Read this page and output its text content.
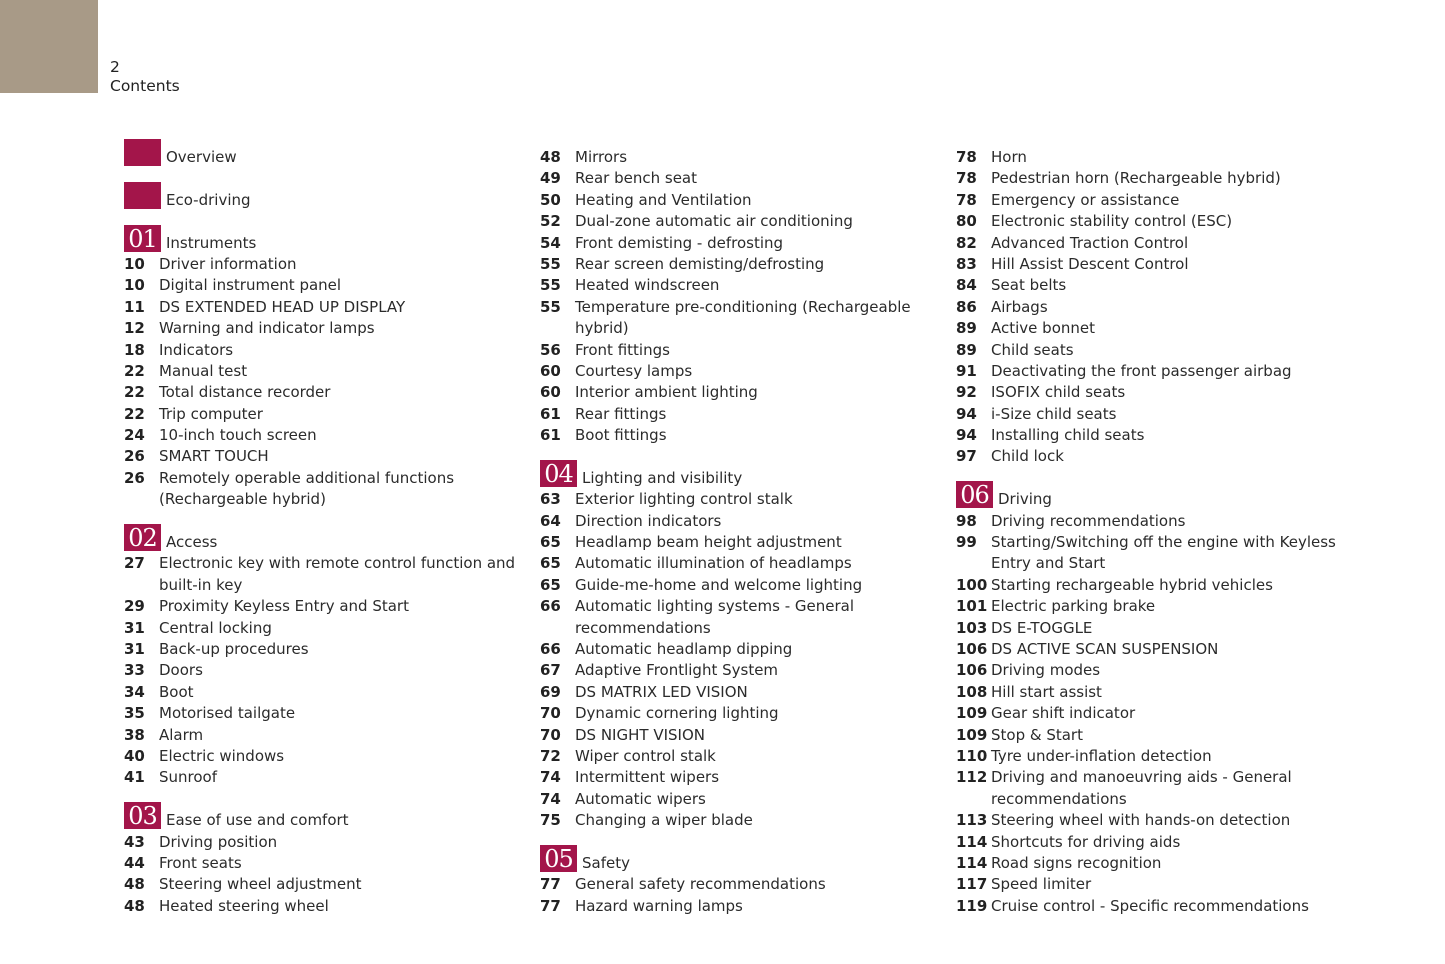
2
Contents
Overview
Eco-driving
01 Instruments
10 Driver information
10 Digital instrument panel
11 DS EXTENDED HEAD UP DISPLAY
12 Warning and indicator lamps
18 Indicators
22 Manual test
22 Total distance recorder
22 Trip computer
24 10-inch touch screen
26 SMART TOUCH
26 Remotely operable additional functions
(Rechargeable hybrid)
02 Access
27 Electronic key with remote control function and
built-in key
29 Proximity Keyless Entry and Start
31 Central locking
31 Back-up procedures
33 Doors
34 Boot
35 Motorised tailgate
38 Alarm
40 Electric windows
41 Sunroof
03 Ease of use and comfort
43 Driving position
44 Front seats
48 Steering wheel adjustment
48 Heated steering wheel
48 Mirrors
49 Rear bench seat
50 Heating and Ventilation
52 Dual-zone automatic air conditioning
54 Front demisting - defrosting
55 Rear screen demisting/defrosting
55 Heated windscreen
55 Temperature pre-conditioning (Rechargeable
hybrid)
56 Front fittings
60 Courtesy lamps
60 Interior ambient lighting
61 Rear fittings
61 Boot fittings
04 Lighting and visibility
63 Exterior lighting control stalk
64 Direction indicators
65 Headlamp beam height adjustment
65 Automatic illumination of headlamps
65 Guide-me-home and welcome lighting
66 Automatic lighting systems - General
recommendations
66 Automatic headlamp dipping
67 Adaptive Frontlight System
69 DS MATRIX LED VISION
70 Dynamic cornering lighting
70 DS NIGHT VISION
72 Wiper control stalk
74 Intermittent wipers
74 Automatic wipers
75 Changing a wiper blade
05 Safety
77 General safety recommendations
77 Hazard warning lamps
78 Horn
78 Pedestrian horn (Rechargeable hybrid)
78 Emergency or assistance
80 Electronic stability control (ESC)
82 Advanced Traction Control
83 Hill Assist Descent Control
84 Seat belts
86 Airbags
89 Active bonnet
89 Child seats
91 Deactivating the front passenger airbag
92 ISOFIX child seats
94 i-Size child seats
94 Installing child seats
97 Child lock
06 Driving
98 Driving recommendations
99 Starting/Switching off the engine with Keyless
Entry and Start
100 Starting rechargeable hybrid vehicles
101 Electric parking brake
103 DS E-TOGGLE
106 DS ACTIVE SCAN SUSPENSION
106 Driving modes
108 Hill start assist
109 Gear shift indicator
109 Stop & Start
110 Tyre under-inflation detection
112 Driving and manoeuvring aids - General
recommendations
113 Steering wheel with hands-on detection
114 Shortcuts for driving aids
114 Road signs recognition
117 Speed limiter
119 Cruise control - Specific recommendations
